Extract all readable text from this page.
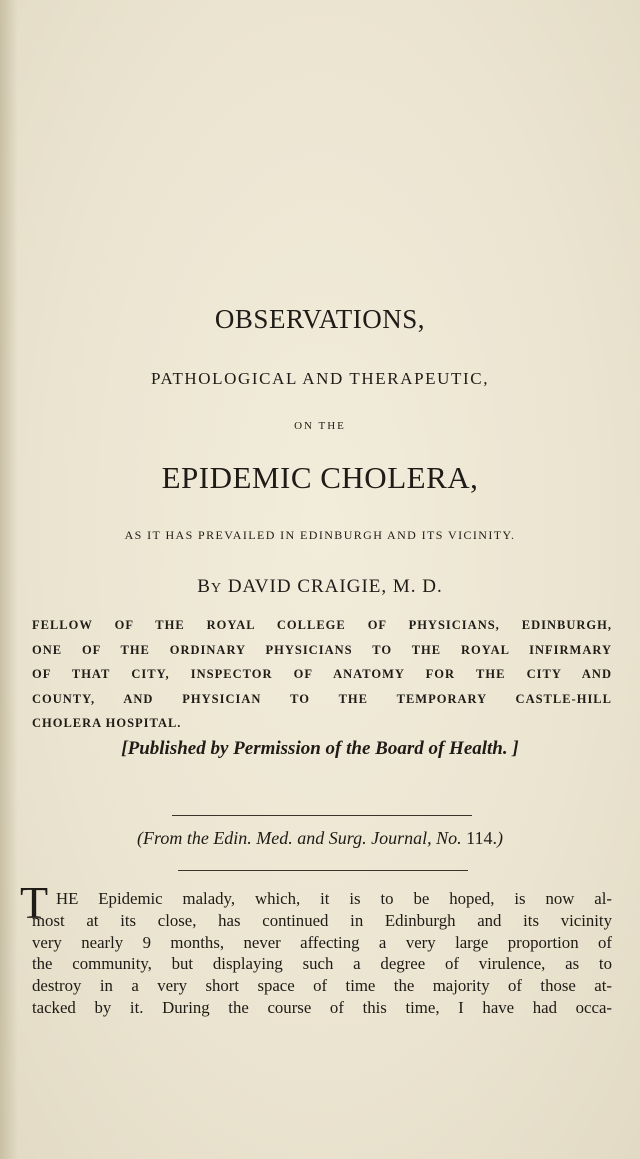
OBSERVATIONS,
PATHOLOGICAL AND THERAPEUTIC,
ON THE
EPIDEMIC CHOLERA,
AS IT HAS PREVAILED IN EDINBURGH AND ITS VICINITY.
BY DAVID CRAIGIE, M. D.
FELLOW OF THE ROYAL COLLEGE OF PHYSICIANS, EDINBURGH,
ONE OF THE ORDINARY PHYSICIANS TO THE ROYAL INFIRMARY
OF THAT CITY, INSPECTOR OF ANATOMY FOR THE CITY AND
COUNTY, AND PHYSICIAN TO THE TEMPORARY CASTLE-HILL
CHOLERA HOSPITAL.
[Published by Permission of the Board of Health. ]
(From the Edin. Med. and Surg. Journal, No. 114.)
T HE Epidemic malady, which, it is to be hoped, is now al-
most at its close, has continued in Edinburgh and its vicinity
very nearly 9 months, never affecting a very large proportion of
the community, but displaying such a degree of virulence, as to
destroy in a very short space of time the majority of those at-
tacked by it. During the course of this time, I have had occa-
